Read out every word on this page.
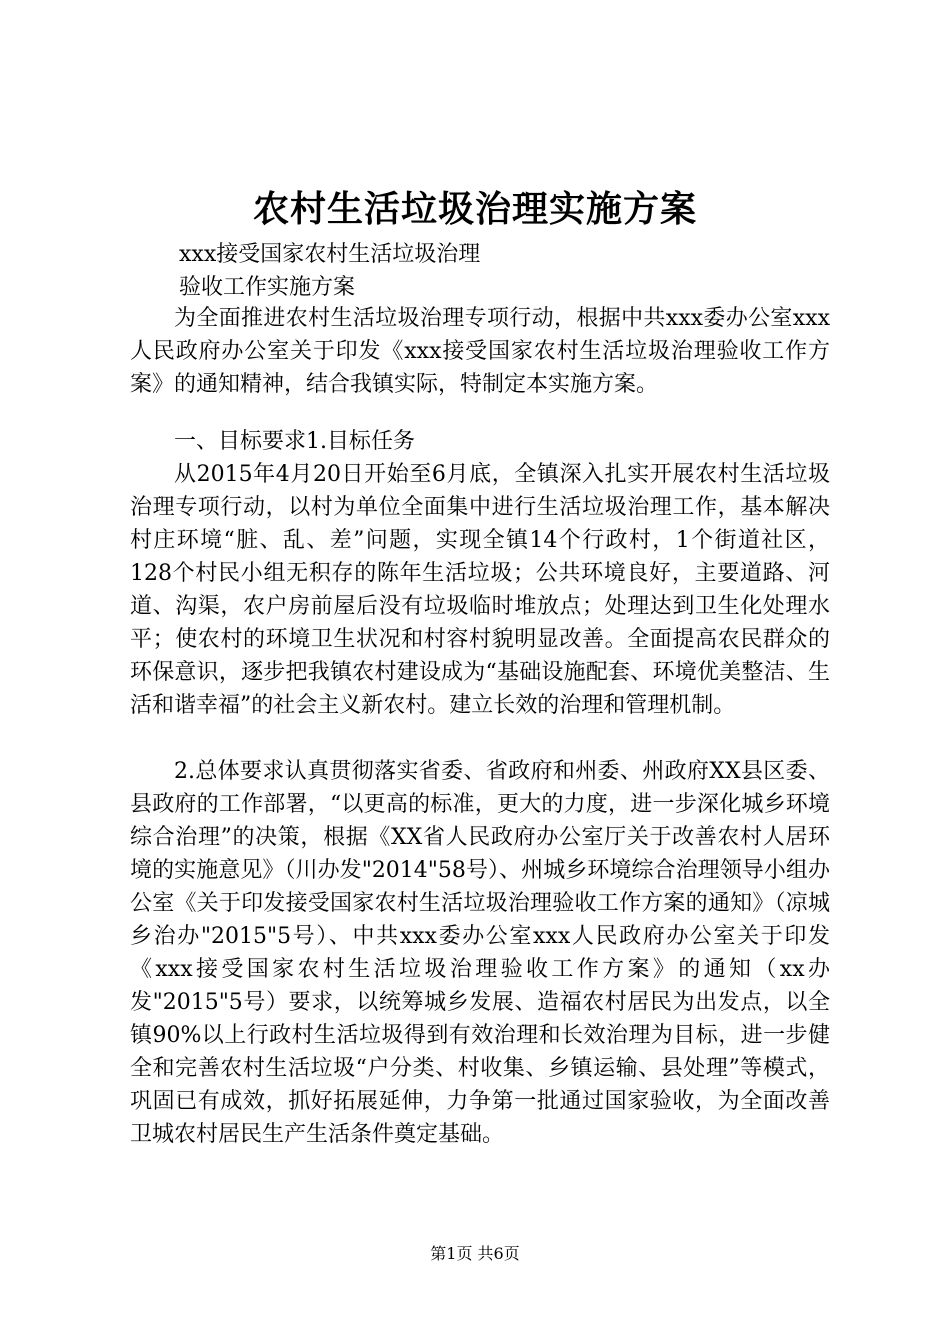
农村生活垃圾治理实施方案
xxx接受国家农村生活垃圾治理
验收工作实施方案
为全面推进农村生活垃圾治理专项行动，根据中共xxx委办公室xxx人民政府办公室关于印发《xxx接受国家农村生活垃圾治理验收工作方案》的通知精神，结合我镇实际，特制定本实施方案。
一、目标要求1.目标任务
从2015年4月20日开始至6月底，全镇深入扎实开展农村生活垃圾治理专项行动，以村为单位全面集中进行生活垃圾治理工作，基本解决村庄环境“脏、乱、差”问题，实现全镇14个行政村，1个街道社区，128个村民小组无积存的陈年生活垃圾；公共环境良好，主要道路、河道、沟渠，农户房前屋后没有垃圾临时堆放点；处理达到卫生化处理水平；使农村的环境卫生状况和村容村貌明显改善。全面提高农民群众的环保意识，逐步把我镇农村建设成为“基础设施配套、环境优美整洁、生活和谐幸福”的社会主义新农村。建立长效的治理和管理机制。
2.总体要求认真贯彻落实省委、省政府和州委、州政府XX县区委、县政府的工作部署，“以更高的标准，更大的力度，进一步深化城乡环境综合治理”的决策，根据《XX省人民政府办公室厅关于改善农村人居环境的实施意见》（川办发"2014"58号）、州城乡环境综合治理领导小组办公室《关于印发接受国家农村生活垃圾治理验收工作方案的通知》（凉城乡治办"2015"5号）、中共xxx委办公室xxx人民政府办公室关于印发《xxx接受国家农村生活垃圾治理验收工作方案》的通知（xx办发"2015"5号）要求，以统筹城乡发展、造福农村居民为出发点，以全镇90%以上行政村生活垃圾得到有效治理和长效治理为目标，进一步健全和完善农村生活垃圾“户分类、村收集、乡镇运输、县处理”等模式，巩固已有成效，抓好拓展延伸，力争第一批通过国家验收，为全面改善卫城农村居民生产生活条件奠定基础。
第1页 共6页
